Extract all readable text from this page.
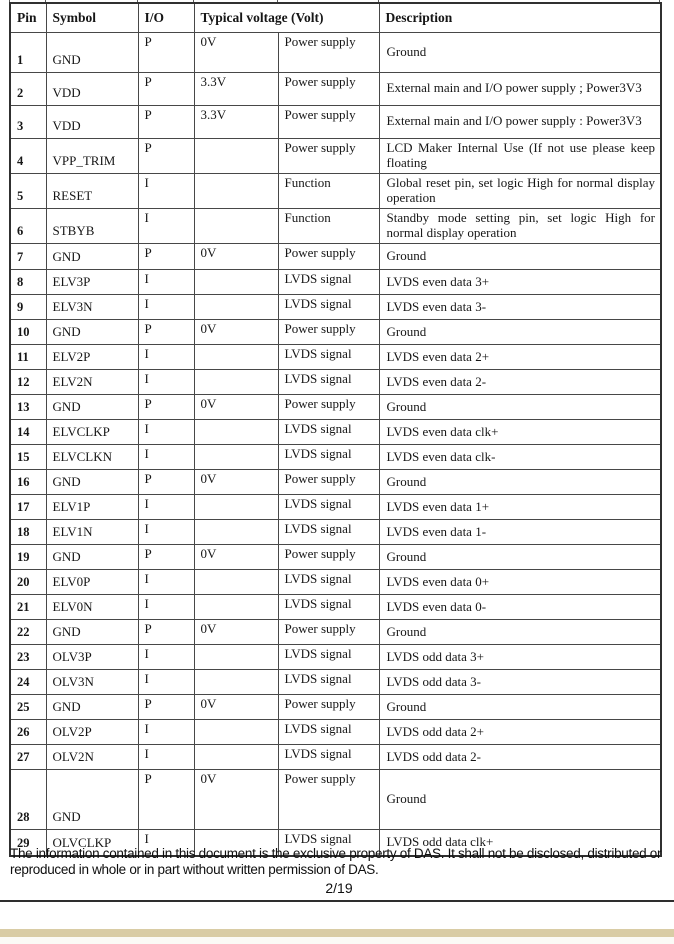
Pin	Symbol	I/O	Typical voltage (Volt)		Description
1	GND	P	0V	Power supply	Ground
2	VDD	P	3.3V	Power supply	External main and I/O power supply ; Power3V3
3	VDD	P	3.3V	Power supply	External main and I/O power supply : Power3V3
4	VPP_TRIM	P		Power supply	LCD Maker Internal Use (If not use please keep floating
5	RESET	I		Function	Global reset pin, set logic High for normal display operation
6	STBYB	I		Function	Standby mode setting pin, set logic High for normal display operation
7	GND	P	0V	Power supply	Ground
8	ELV3P	I		LVDS signal	LVDS even data 3+
9	ELV3N	I		LVDS signal	LVDS even data 3-
10	GND	P	0V	Power supply	Ground
11	ELV2P	I		LVDS signal	LVDS even data 2+
12	ELV2N	I		LVDS signal	LVDS even data 2-
13	GND	P	0V	Power supply	Ground
14	ELVCLKP	I		LVDS signal	LVDS even data clk+
15	ELVCLKN	I		LVDS signal	LVDS even data clk-
16	GND	P	0V	Power supply	Ground
17	ELV1P	I		LVDS signal	LVDS even data 1+
18	ELV1N	I		LVDS signal	LVDS even data 1-
19	GND	P	0V	Power supply	Ground
20	ELV0P	I		LVDS signal	LVDS even data 0+
21	ELV0N	I		LVDS signal	LVDS even data 0-
22	GND	P	0V	Power supply	Ground
23	OLV3P	I		LVDS signal	LVDS odd data 3+
24	OLV3N	I		LVDS signal	LVDS odd data 3-
25	GND	P	0V	Power supply	Ground
26	OLV2P	I		LVDS signal	LVDS odd data 2+
27	OLV2N	I		LVDS signal	LVDS odd data 2-
28	GND	P	0V	Power supply	Ground
29	OLVCLKP	I		LVDS signal	LVDS odd data clk+

The information contained in this document is the exclusive property of DAS. It shall not be disclosed, distributed or reproduced in whole or in part without written permission of DAS.

2/19
